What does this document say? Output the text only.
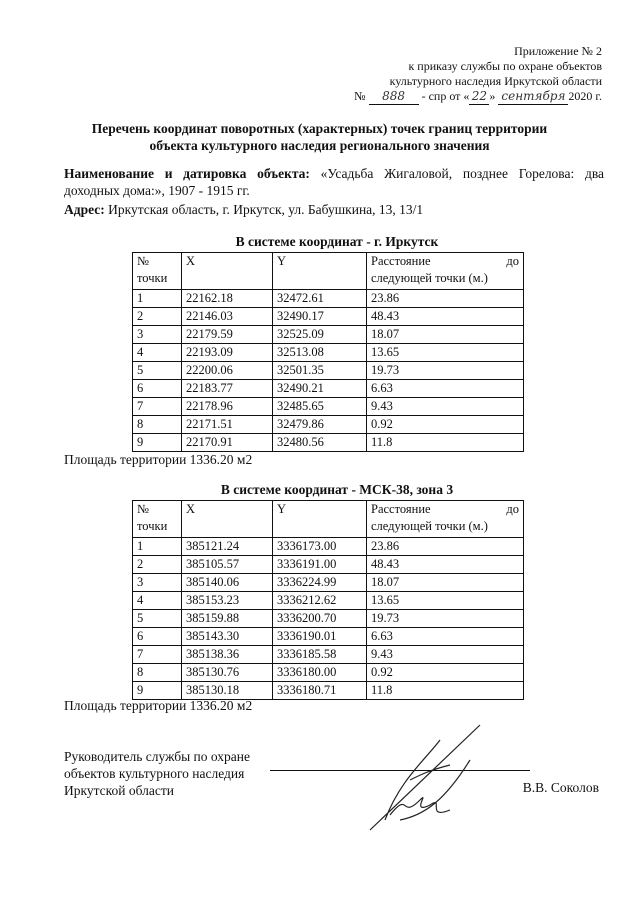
Приложение № 2
к приказу службы по охране объектов
культурного наследия Иркутской области
№ 888 - спр от « 22 » сентября 2020 г.
Перечень координат поворотных (характерных) точек границ территории
объекта культурного наследия регионального значения
Наименование и датировка объекта: «Усадьба Жигаловой, позднее Горелова: два доходных дома:», 1907 - 1915 гг.
Адрес: Иркутская область, г. Иркутск, ул. Бабушкина, 13, 13/1
В системе координат - г. Иркутск
№
точки	X	Y	Расстояние до
следующей точки (м.)
1	22162.18	32472.61	23.86
2	22146.03	32490.17	48.43
3	22179.59	32525.09	18.07
4	22193.09	32513.08	13.65
5	22200.06	32501.35	19.73
6	22183.77	32490.21	6.63
7	22178.96	32485.65	9.43
8	22171.51	32479.86	0.92
9	22170.91	32480.56	11.8
Площадь территории 1336.20 м2
В системе координат - МСК-38, зона 3
№
точки	X	Y	Расстояние до
следующей точки (м.)
1	385121.24	3336173.00	23.86
2	385105.57	3336191.00	48.43
3	385140.06	3336224.99	18.07
4	385153.23	3336212.62	13.65
5	385159.88	3336200.70	19.73
6	385143.30	3336190.01	6.63
7	385138.36	3336185.58	9.43
8	385130.76	3336180.00	0.92
9	385130.18	3336180.71	11.8
Площадь территории 1336.20 м2
Руководитель службы по охране
объектов культурного наследия
Иркутской области	В.В. Соколов
